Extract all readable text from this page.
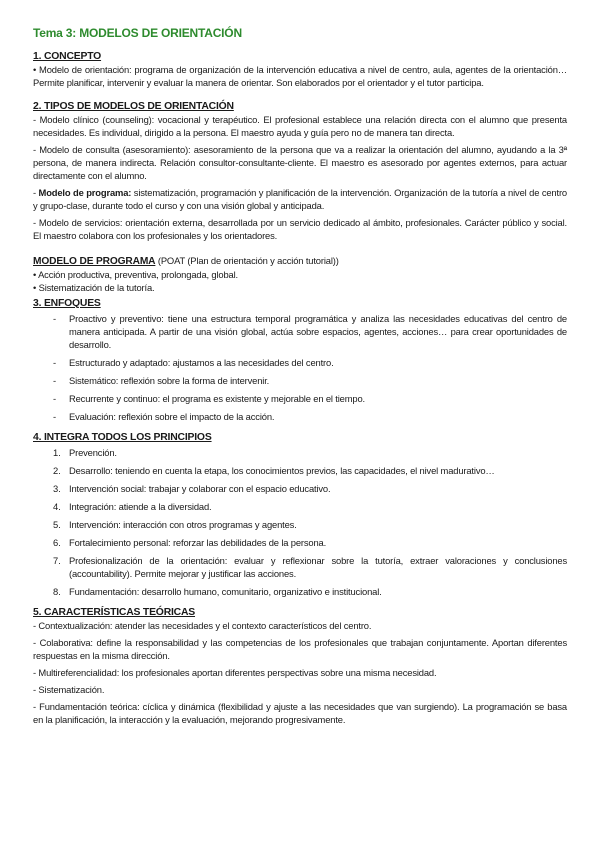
Tema 3: MODELOS DE ORIENTACIÓN
1. CONCEPTO

• Modelo de orientación: programa de organización de la intervención educativa a nivel de centro, aula, agentes de la orientación… Permite planificar, intervenir y evaluar la manera de orientar. Son elaborados por el orientador y el tutor participa.

2. TIPOS DE MODELOS DE ORIENTACIÓN

- Modelo clínico (counseling): vocacional y terapéutico. El profesional establece una relación directa con el alumno que presenta necesidades. Es individual, dirigido a la persona. El maestro ayuda y guía pero no de manera tan directa.

- Modelo de consulta (asesoramiento): asesoramiento de la persona que va a realizar la orientación del alumno, ayudando a la 3ª persona, de manera indirecta. Relación consultor-consultante-cliente. El maestro es asesorado por agentes externos, para actuar directamente con el alumno.

- Modelo de programa: sistematización, programación y planificación de la intervención. Organización de la tutoría a nivel de centro y grupo-clase, durante todo el curso y con una visión global y anticipada.

- Modelo de servicios: orientación externa, desarrollada por un servicio dedicado al ámbito, profesionales. Carácter público y social. El maestro colabora con los profesionales y los orientadores.

MODELO DE PROGRAMA (POAT (Plan de orientación y acción tutorial))

• Acción productiva, preventiva, prolongada, global.

• Sistematización de la tutoría.

3. ENFOQUES
- Proactivo y preventivo: tiene una estructura temporal programática y analiza las necesidades educativas del centro de manera anticipada. A partir de una visión global, actúa sobre espacios, agentes, acciones… para crear oportunidades de desarrollo.
- Estructurado y adaptado: ajustamos a las necesidades del centro.
- Sistemático: reflexión sobre la forma de intervenir.
- Recurrente y continuo: el programa es existente y mejorable en el tiempo.
- Evaluación: reflexión sobre el impacto de la acción.
4. INTEGRA TODOS LOS PRINCIPIOS
1. Prevención.
2. Desarrollo: teniendo en cuenta la etapa, los conocimientos previos, las capacidades, el nivel madurativo…
3. Intervención social: trabajar y colaborar con el espacio educativo.
4. Integración: atiende a la diversidad.
5. Intervención: interacción con otros programas y agentes.
6. Fortalecimiento personal: reforzar las debilidades de la persona.
7. Profesionalización de la orientación: evaluar y reflexionar sobre la tutoría, extraer valoraciones y conclusiones (accountability). Permite mejorar y justificar las acciones.
8. Fundamentación: desarrollo humano, comunitario, organizativo e institucional.
5. CARACTERÍSTICAS TEÓRICAS

- Contextualización: atender las necesidades y el contexto característicos del centro.

- Colaborativa: define la responsabilidad y las competencias de los profesionales que trabajan conjuntamente. Aportan diferentes respuestas en la misma dirección.

- Multireferencialidad: los profesionales aportan diferentes perspectivas sobre una misma necesidad.

- Sistematización.

- Fundamentación teórica: cíclica y dinámica (flexibilidad y ajuste a las necesidades que van surgiendo). La programación se basa en la planificación, la interacción y la evaluación, mejorando progresivamente.
